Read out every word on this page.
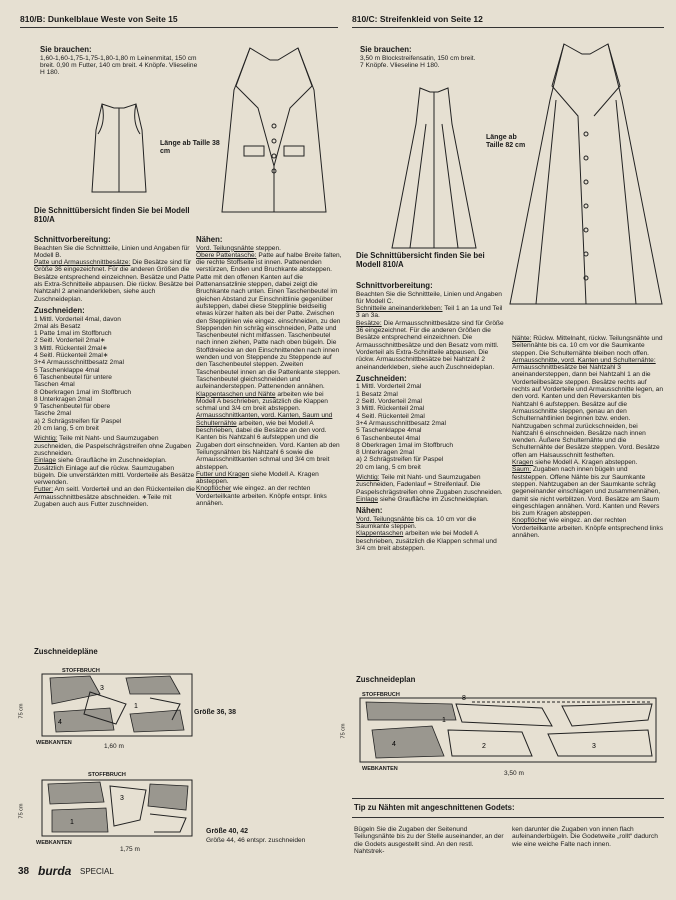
810/B: Dunkelblaue Weste von Seite 15	810/C: Streifenkleid von Seite 12
Sie brauchen:

1,60-1,60-1,75-1,75-1,80-1,80 m Leinenmitat, 150 cm breit. 0,90 m Futter, 140 cm breit. 4 Knöpfe. Vlieseline H 180.

Länge ab Taille 38 cm
Die Schnittübersicht finden Sie bei Modell 810/A
Schnittvorbereitung:

Beachten Sie die Schnittteile, Linien und Angaben für Modell B.

Patte und Armausschnittbesätze: Die Besätze sind für Größe 36 eingezeichnet. Für die anderen Größen die Besätze entsprechend einzeichnen. Besätze und Patte als Extra-Schnitteile abpausen. Die rückw. Besätze bei Nahtzahl 2 aneinanderkleben, siehe auch Zuschneideplan.

Zuschneiden:
1 Mittl. Vorderteil 4mal, davon
2mal als Besatz
1 Patte 1mal im Stoffbruch
2 Seitl. Vorderteil 2mal∗
3 Mittl. Rückenteil 2mal∗
4 Seitl. Rückenteil 2mal∗
3+4 Armausschnittbesatz 2mal
5 Taschenklappe 4mal
6 Taschenbeutel für untere
Taschen 4mal
8 Oberkragen 1mal im Stoffbruch
8 Unterkragen 2mal
9 Taschenbeutel für obere
Tasche 2mal
a) 2 Schrägstreifen für Paspel
20 cm lang, 5 cm breit

Wichtig: Teile mit Naht- und Saumzugaben zuschneiden, die Paspelschrägstreifen ohne Zugaben zuschneiden.

Einlage siehe Graufläche im Zuschneideplan. Zusätzlich Einlage auf die rückw. Saumzugaben bügeln. Die unverstärkten mittl. Vorderteile als Besätze verwenden.

Futter: Am seitl. Vorderteil und an den Rückenteilen die Armausschnittbesätze abschneiden. ∗Teile mit Zugaben auch aus Futter zuschneiden.

Nähen:

Vord. Teilungsnähte steppen.

Obere Pattentasche: Patte auf halbe Breite falten, die rechte Stoffseite ist innen. Pattenenden verstürzen, Enden und Bruchkante absteppen. Patte mit den offenen Kanten auf die Pattenansatzlinie steppen, dabei zeigt die Bruchkante nach unten. Einen Taschenbeutel im gleichen Abstand zur Einschnittlinie gegenüber aufsteppen, dabei diese Stepplinie beidseitig etwas kürzer halten als bei der Patte. Zwischen den Stepplinien wie eingez. einschneiden, zu den Steppenden hin schräg einschneiden, Patte und Taschenbeutel nicht mitfassen. Taschenbeutel nach innen ziehen, Patte nach oben bügeln. Die Stoffdreiecke an den Einschnittenden nach innen wenden und von Steppende zu Steppende auf den Taschenbeutel steppen. Zweiten Taschenbeutel innen an die Pattenkante steppen. Taschenbeutel gleichschneiden und aufeinandersteppen. Pattenenden annähen.

Klappentaschen und Nähte arbeiten wie bei Modell A beschrieben, zusätzlich die Klappen schmal und 3/4 cm breit absteppen.

Armausschnittkanten, vord. Kanten, Saum und Schulternähte arbeiten, wie bei Modell A beschrieben, dabei die Besätze an den vord. Kanten bis Nahtzahl 6 aufsteppen und die Zugaben dort einschneiden. Vord. Kanten ab den Teilungsnähten bis Nahtzahl 6 sowie die Armausschnittkanten schmal und 3/4 cm breit absteppen.

Futter und Kragen siehe Modell A. Kragen absteppen.

Knopflöcher wie eingez. an der rechten Vorderteilkante arbeiten. Knöpfe entspr. links annähen.

Zuschneidepläne
3
1
4
STOFFBRUCH
WEBKANTEN	1,60 m
75 cm	Größe 36, 38
3
1
STOFFBRUCH
WEBKANTEN
1,75 m
75 cm
Größe 40, 42
Größe 44, 46 entspr. zuschneiden
38 burda SPECIAL
Sie brauchen:

3,50 m Blockstreifensatin, 150 cm breit. 7 Knöpfe. Vlieseline H 180.

Länge ab Taille 82 cm
Die Schnittübersicht finden Sie bei Modell 810/A
Schnittvorbereitung:

Beachten Sie die Schnittteile, Linien und Angaben für Modell C.

Schnitteile aneinanderkleben: Teil 1 an 1a und Teil 3 an 3a.

Besätze: Die Armausschnittbesätze sind für Größe 36 eingezeichnet. Für die anderen Größen die Besätze entsprechend einzeichnen. Die Armausschnittbesätze und den Besatz vom mittl. Vorderteil als Extra-Schnitteile abpausen. Die rückw. Armausschnittbesätze bei Nahtzahl 2 aneinanderkleben, siehe auch Zuschneideplan.

Zuschneiden:
1 Mittl. Vorderteil 2mal
1 Besatz 2mal
2 Seitl. Vorderteil 2mal
3 Mittl. Rückenteil 2mal
4 Seitl. Rückenteil 2mal
3+4 Armausschnittbesatz 2mal
5 Taschenklappe 4mal
6 Taschenbeutel 4mal
8 Oberkragen 1mal im Stoffbruch
8 Unterkragen 2mal
a) 2 Schrägstreifen für Paspel
20 cm lang, 5 cm breit

Wichtig: Teile mit Naht- und Saumzugaben zuschneiden, Fadenlauf = Streifenlauf. Die Paspelschrägstreifen ohne Zugaben zuschneiden.

Einlage siehe Graufläche im Zuschneideplan.

Nähen:

Vord. Teilungsnähte bis ca. 10 cm vor die Saumkante steppen.

Klappentaschen arbeiten wie bei Modell A beschrieben, zusätzlich die Klappen schmal und 3/4 cm breit absteppen.

Nähte: Rückw. Mittelnaht, rückw. Teilungsnähte und Seitennähte bis ca. 10 cm vor die Saumkante steppen. Die Schulternähte bleiben noch offen.

Armausschnitte, vord. Kanten und Schulternähte: Armausschnittbesätze bei Nahtzahl 3 aneinandersteppen, dann bei Nahtzahl 1 an die Vorderteilbesätze steppen. Besätze rechts auf rechts auf Vorderteile und Armausschnitte legen, an den vord. Kanten und den Reverskanten bis Nahtzahl 6 aufsteppen. Besätze auf die Armausschnitte steppen, genau an den Schulternahtlinien beginnen bzw. enden. Nahtzugaben schmal zurückschneiden, bei Nahtzahl 6 einschneiden. Besätze nach innen wenden. Äußere Schulternähte und die Schulternähte der Besätze steppen. Vord. Besätze offen am Halsausschnitt festheften.

Kragen siehe Modell A. Kragen absteppen.

Saum: Zugaben nach innen bügeln und feststeppen. Offene Nähte bis zur Saumkante steppen. Nahtzugaben an der Saumkante schräg gegeneinander einschlagen und zusammennähen, damit sie nicht verblitzen. Vord. Besätze am Saum eingeschlagen annähen. Vord. Kanten und Revers bis zum Kragen absteppen.

Knopflöcher wie eingez. an der rechten Vorderteilkante arbeiten. Knöpfe entsprechend links annähen.

Zuschneideplan
8
1
4	2	3
STOFFBRUCH
WEBKANTEN
3,50 m
75 cm
Tip zu Nähten mit angeschnittenen Godets:
Bügeln Sie die Zugaben der Seitenund Teilungsnähte bis zu der Stelle auseinander, an der die Godets ausgestellt sind. An den restl. Nahtstrek-
ken darunter die Zugaben von innen flach aufeinanderbügeln. Die Godetweite „rollt“ dadurch wie eine weiche Falte nach innen.
